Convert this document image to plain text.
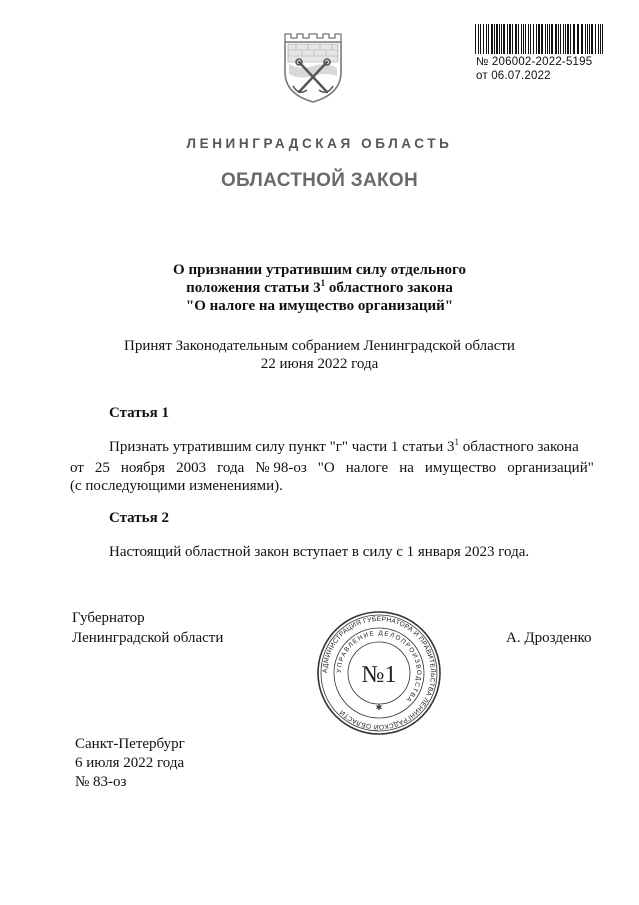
№ 206002-2022-5195
от 06.07.2022
ЛЕНИНГРАДСКАЯ ОБЛАСТЬ
ОБЛАСТНОЙ ЗАКОН
О признании утратившим силу отдельного
положения статьи $3^1$ областного закона
"О налоге на имущество организаций"
Принят Законодательным собранием Ленинградской области
22 июня 2022 года
Статья 1
Признать утратившим силу пункт "г" части 1 статьи $3^1$ областного закона
от 25 ноября 2003 года № 98-оз "О налоге на имущество организаций"
(с последующими изменениями).
Статья 2
Настоящий областной закон вступает в силу с 1 января 2023 года.
Губернатор
Ленинградской области	А. Дрозденко
АДМИНИСТРАЦИЯ ГУБЕРНАТОРА И ПРАВИТЕЛЬСТВА ЛЕНИНГРАДСКОЙ ОБЛАСТИ
УПРАВЛЕНИЕ ДЕЛОПРОИЗВОДСТВА
№1
✱
Санкт-Петербург
6 июля 2022 года
№ 83-оз
